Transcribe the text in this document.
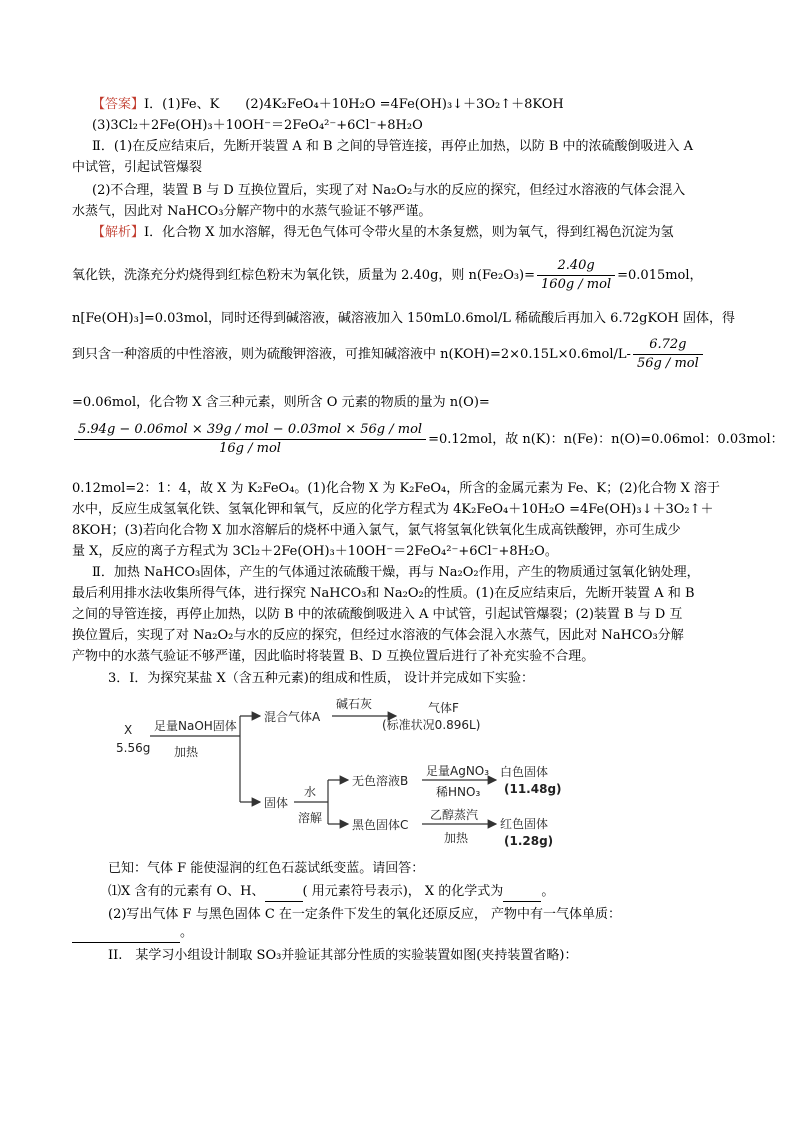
【答案】Ⅰ．(1)Fe、K　　(2)4K₂FeO₄＋10H₂O =4Fe(OH)₃↓＋3O₂↑＋8KOH
(3)3Cl₂＋2Fe(OH)₃＋10OH⁻＝2FeO₄²⁻+6Cl⁻+8H₂O
Ⅱ．(1)在反应结束后，先断开装置 A 和 B 之间的导管连接，再停止加热，以防 B 中的浓硫酸倒吸进入 A
中试管，引起试管爆裂
(2)不合理，装置 B 与 D 互换位置后，实现了对 Na₂O₂与水的反应的探究，但经过水溶液的气体会混入
水蒸气，因此对 NaHCO₃分解产物中的水蒸气验证不够严谨。
【解析】Ⅰ．化合物 X 加水溶解，得无色气体可令带火星的木条复燃，则为氧气，得到红褐色沉淀为氢
氧化铁，洗涤充分灼烧得到红棕色粉末为氧化铁，质量为 2.40g，则 $n(Fe_2O_3)= \frac{2.40g}{\text{160g / mol}} =0.015mol$，
n[Fe(OH)₃]=0.03mol，同时还得到碱溶液，碱溶液加入 150mL0.6mol/L 稀硫酸后再加入 6.72gKOH 固体，得
到只含一种溶质的中性溶液，则为硫酸钾溶液，可推知碱溶液中 $n(KOH)=2\times 0.15L\times 0.6mol/L- \frac{6.72g}{\text{56g / mol}}$
=0.06mol，化合物 X 含三种元素，则所含 O 元素的物质的量为 n(O)=
$\frac{\text{5.94g − 0.06mol × 39g / mol − 0.03mol × 56g / mol}}{\text{16g / mol}} =0.12mol$，故 n(K)：n(Fe)：n(O)=0.06mol：0.03mol：
0.12mol=2：1：4，故 X 为 K₂FeO₄。(1)化合物 X 为 K₂FeO₄，所含的金属元素为 Fe、K；(2)化合物 X 溶于
水中，反应生成氢氧化铁、氢氧化钾和氧气，反应的化学方程式为 4K₂FeO₄＋10H₂O =4Fe(OH)₃↓＋3O₂↑＋
8KOH；(3)若向化合物 X 加水溶解后的烧杯中通入氯气，氯气将氢氧化铁氧化生成高铁酸钾，亦可生成少
量 X，反应的离子方程式为 3Cl₂＋2Fe(OH)₃＋10OH⁻＝2FeO₄²⁻+6Cl⁻+8H₂O。
Ⅱ．加热 NaHCO₃固体，产生的气体通过浓硫酸干燥，再与 Na₂O₂作用，产生的物质通过氢氧化钠处理，
最后利用排水法收集所得气体，进行探究 NaHCO₃和 Na₂O₂的性质。(1)在反应结束后，先断开装置 A 和 B
之间的导管连接，再停止加热，以防 B 中的浓硫酸倒吸进入 A 中试管，引起试管爆裂；(2)装置 B 与 D 互
换位置后，实现了对 Na₂O₂与水的反应的探究，但经过水溶液的气体会混入水蒸气，因此对 NaHCO₃分解
产物中的水蒸气验证不够严谨，因此临时将装置 B、D 互换位置后进行了补充实验不合理。
3．I．为探究某盐 X（含五种元素)的组成和性质， 设计并完成如下实验：
X
5.56g
足量NaOH固体
加热
混合气体A
碱石灰	气体F
(标准状况0.896L)
固体
水
溶解
无色溶液B
足量AgNO₃
稀HNO₃
白色固体
(11.48g)
黑色固体C
乙醇蒸汽
加热
红色固体
(1.28g)
已知：气体 F 能使湿润的红色石蕊试纸变蓝。请回答：
⑴X 含有的元素有 O、H、	( 用元素符号表示)， X 的化学式为	。
(2)写出气体 F 与黑色固体 C 在一定条件下发生的氧化还原反应， 产物中有一气体单质：
。
II.　某学习小组设计制取 SO₃并验证其部分性质的实验装置如图(夹持装置省略)：
